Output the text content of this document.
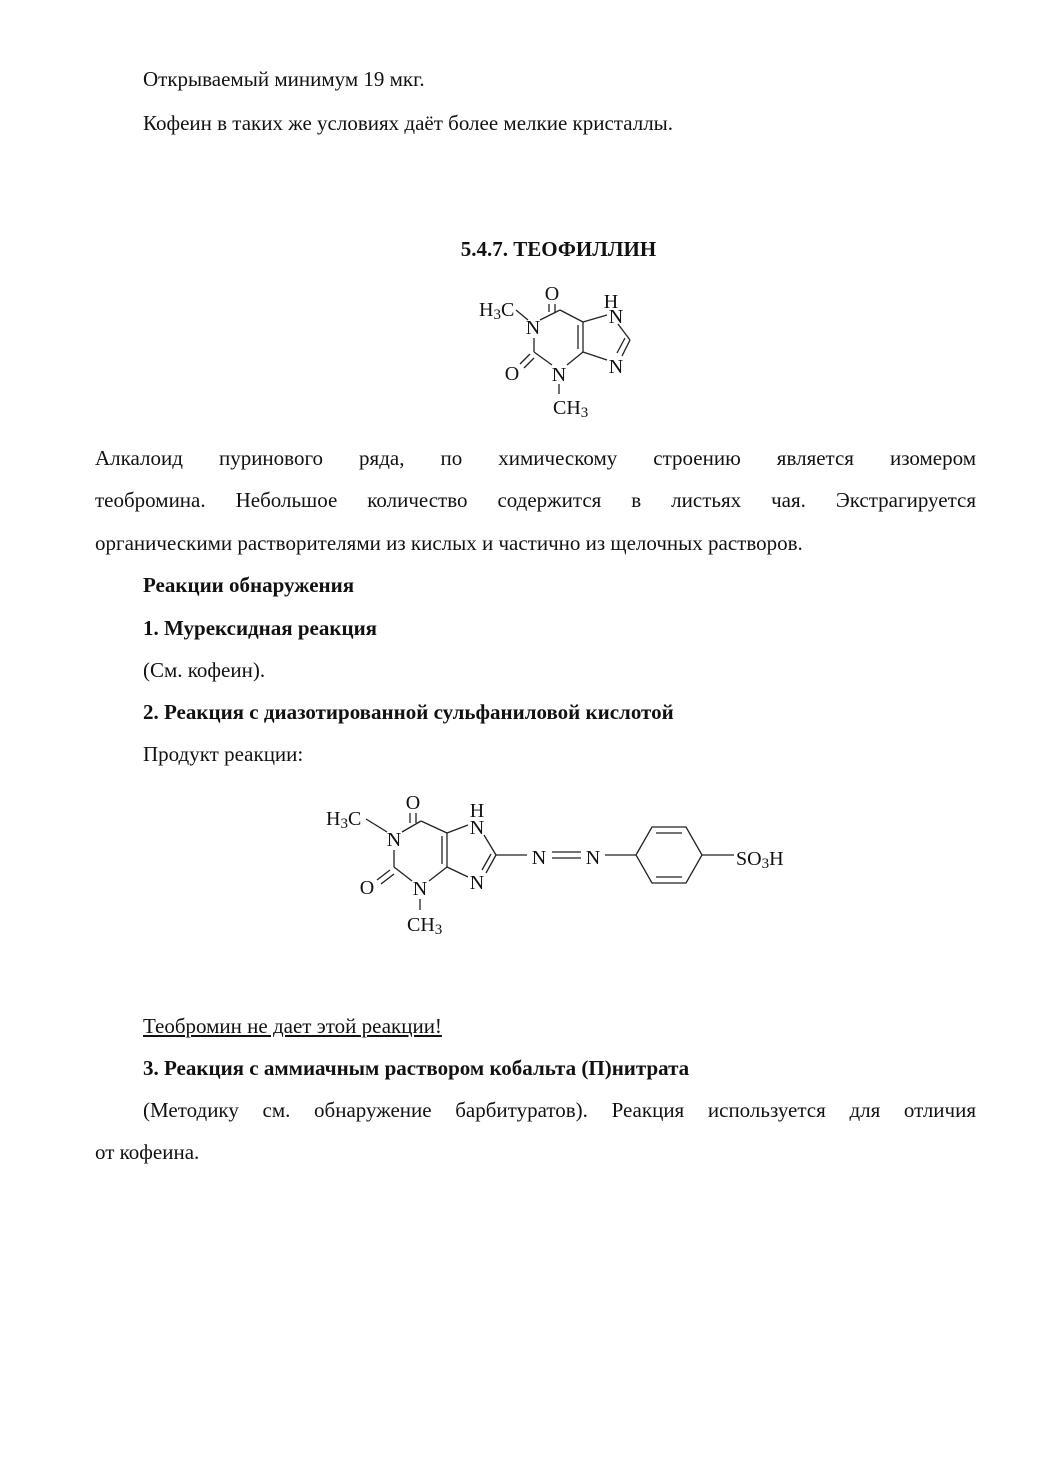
Открываемый минимум 19 мкг.

Кофеин в таких же условиях даёт более мелкие кристаллы.

5.4.7. ТЕОФИЛЛИН

O H
H3C
N	N
N
N
O
CH3

Алкалоид пуринового ряда, по химическому строению является изомером

теобромина. Небольшое количество содержится в листьях чая. Экстрагируется

органическими растворителями из кислых и частично из щелочных растворов.

Реакции обнаружения

1. Мурексидная реакция

(См. кофеин).

2. Реакция с диазотированной сульфаниловой кислотой

Продукт реакции:

O H
H3C
N
N
N
N
O
CH3
N N	SO3H

Теобромин не дает этой реакции!

3. Реакция с аммиачным раствором кобальта (П)нитрата

(Методику см. обнаружение барбитуратов). Реакция используется для отличия

от кофеина.
